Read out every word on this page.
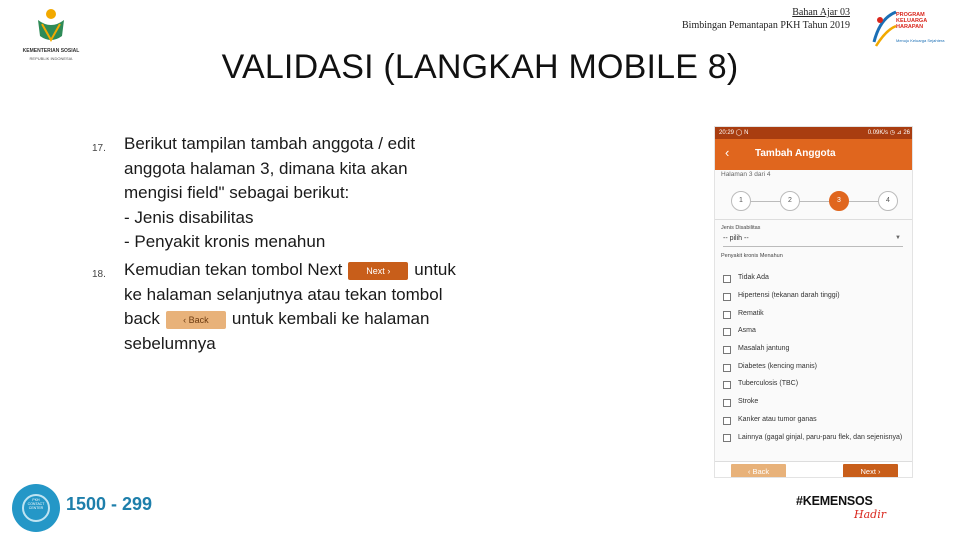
KEMENTERIAN SOSIAL
REPUBLIK INDONESIA
Bahan Ajar 03
Bimbingan Pemantapan PKH Tahun 2019
PROGRAM KELUARGA HARAPAN
Menuju Keluarga Sejahtera
VALIDASI (LANGKAH MOBILE 8)
17. Berikut tampilan tambah anggota / edit
anggota halaman 3, dimana kita akan
mengisi field" sebagai berikut:
- Jenis disabilitas
- Penyakit kronis menahun
18. Kemudian tekan tombol Next	Next › untuk
ke halaman selanjutnya atau tekan tombol
back	‹ Back untuk kembali ke halaman
sebelumnya
20:29 ◯ N	0.09K/s ◷ ⊿ 26
‹	Tambah Anggota
Halaman 3 dari 4
1	2	3	4
Jenis Disabilitas
-- pilih --	▼
Penyakit kronis Menahun
Tidak Ada
Hipertensi (tekanan darah tinggi)
Rematik
Asma
Masalah jantung
Diabetes (kencing manis)
Tuberculosis (TBC)
Stroke
Kanker atau tumor ganas
Lainnya (gagal ginjal, paru-paru flek, dan sejenisnya)
‹ Back	Next ›
PKH CONTACT CENTER 1500 - 299	#KEMENSOS
Hadir
